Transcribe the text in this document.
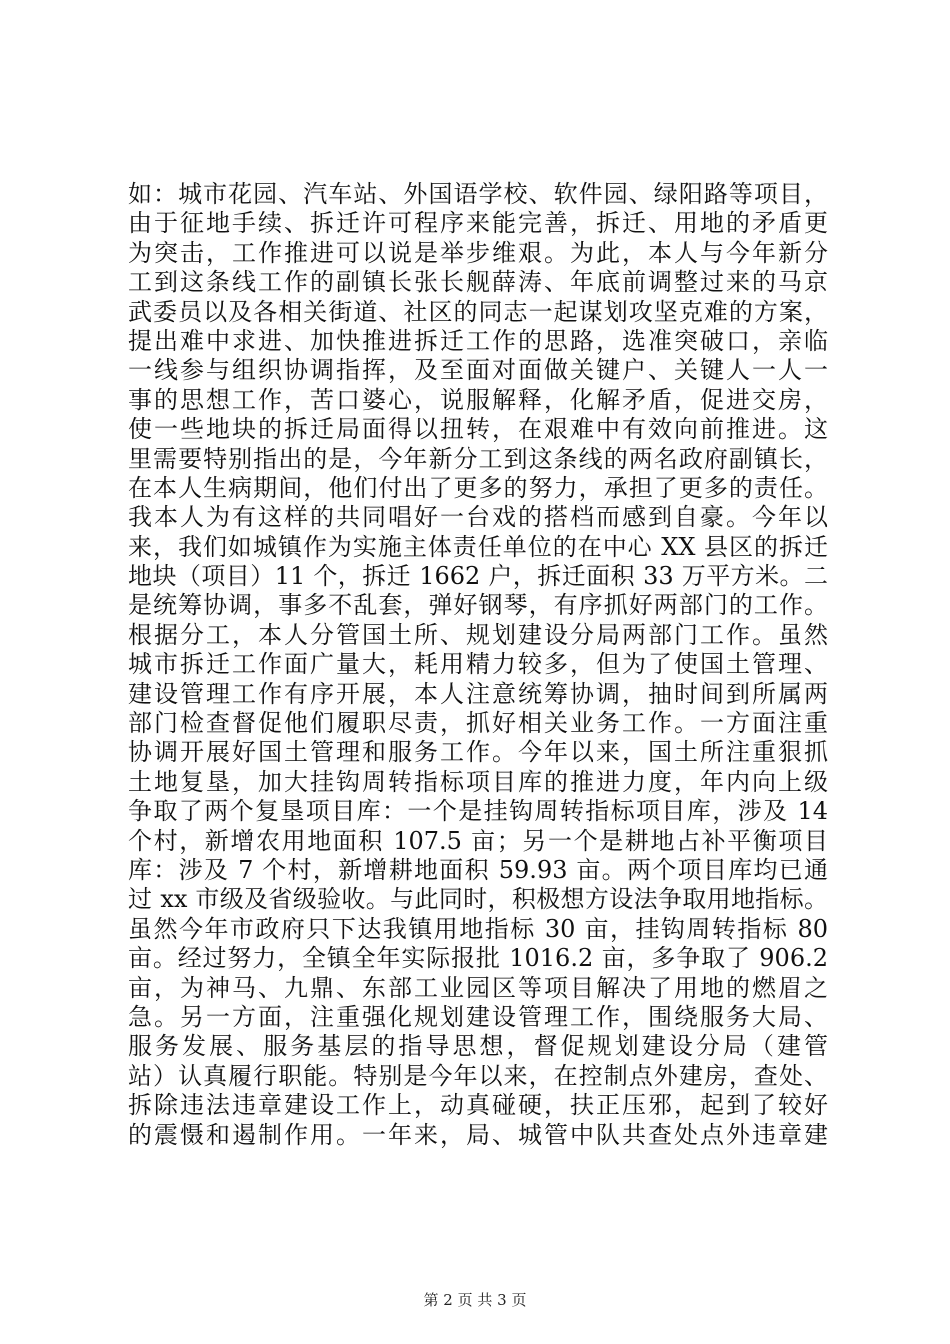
如：城市花园、汽车站、外国语学校、软件园、绿阳路等项目，
由于征地手续、拆迁许可程序来能完善，拆迁、用地的矛盾更
为突击，工作推进可以说是举步维艰。为此，本人与今年新分
工到这条线工作的副镇长张长舰薛涛、年底前调整过来的马京
武委员以及各相关街道、社区的同志一起谋划攻坚克难的方案，
提出难中求进、加快推进拆迁工作的思路，选准突破口，亲临
一线参与组织协调指挥，及至面对面做关键户、关键人一人一
事的思想工作，苦口婆心，说服解释，化解矛盾，促进交房，
使一些地块的拆迁局面得以扭转，在艰难中有效向前推进。这
里需要特别指出的是，今年新分工到这条线的两名政府副镇长，
在本人生病期间，他们付出了更多的努力，承担了更多的责任。
我本人为有这样的共同唱好一台戏的搭档而感到自豪。今年以
来，我们如城镇作为实施主体责任单位的在中心 XX 县区的拆迁
地块（项目）11 个，拆迁 1662 户，拆迁面积 33 万平方米。二
是统筹协调，事多不乱套，弹好钢琴，有序抓好两部门的工作。
根据分工，本人分管国土所、规划建设分局两部门工作。虽然
城市拆迁工作面广量大，耗用精力较多，但为了使国土管理、
建设管理工作有序开展，本人注意统筹协调，抽时间到所属两
部门检查督促他们履职尽责，抓好相关业务工作。一方面注重
协调开展好国土管理和服务工作。今年以来，国土所注重狠抓
土地复垦，加大挂钩周转指标项目库的推进力度，年内向上级
争取了两个复垦项目库：一个是挂钩周转指标项目库，涉及 14
个村，新增农用地面积 107.5 亩；另一个是耕地占补平衡项目
库：涉及 7 个村，新增耕地面积 59.93 亩。两个项目库均已通
过 xx 市级及省级验收。与此同时，积极想方设法争取用地指标。
虽然今年市政府只下达我镇用地指标 30 亩，挂钩周转指标 80
亩。经过努力，全镇全年实际报批 1016.2 亩，多争取了 906.2
亩，为神马、九鼎、东部工业园区等项目解决了用地的燃眉之
急。另一方面，注重强化规划建设管理工作，围绕服务大局、
服务发展、服务基层的指导思想，督促规划建设分局（建管
站）认真履行职能。特别是今年以来，在控制点外建房，查处、
拆除违法违章建设工作上，动真碰硬，扶正压邪，起到了较好
的震慑和遏制作用。一年来，局、城管中队共查处点外违章建
第 2 页 共 3 页
